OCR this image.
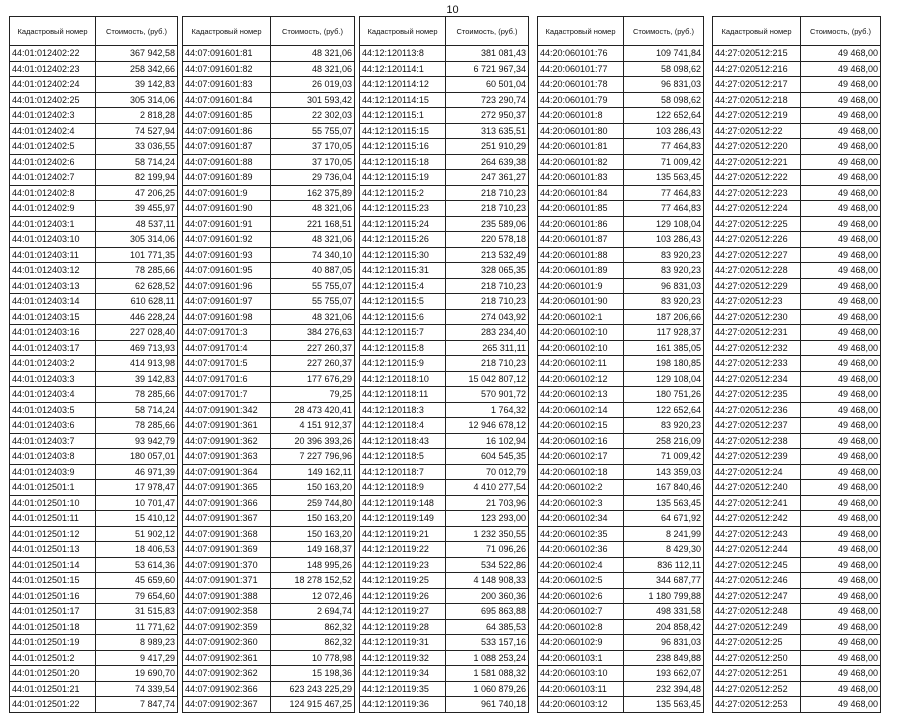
10
Кадастровый номер	Стоимость, (руб.)
44:01:012402:22	367 942,58
44:01:012402:23	258 342,66
44:01:012402:24	39 142,83
44:01:012402:25	305 314,06
44:01:012402:3	2 818,28
44:01:012402:4	74 527,94
44:01:012402:5	33 036,55
44:01:012402:6	58 714,24
44:01:012402:7	82 199,94
44:01:012402:8	47 206,25
44:01:012402:9	39 455,97
44:01:012403:1	48 537,11
44:01:012403:10	305 314,06
44:01:012403:11	101 771,35
44:01:012403:12	78 285,66
44:01:012403:13	62 628,52
44:01:012403:14	610 628,11
44:01:012403:15	446 228,24
44:01:012403:16	227 028,40
44:01:012403:17	469 713,93
44:01:012403:2	414 913,98
44:01:012403:3	39 142,83
44:01:012403:4	78 285,66
44:01:012403:5	58 714,24
44:01:012403:6	78 285,66
44:01:012403:7	93 942,79
44:01:012403:8	180 057,01
44:01:012403:9	46 971,39
44:01:012501:1	17 978,47
44:01:012501:10	10 701,47
44:01:012501:11	15 410,12
44:01:012501:12	51 902,12
44:01:012501:13	18 406,53
44:01:012501:14	53 614,36
44:01:012501:15	45 659,60
44:01:012501:16	79 654,60
44:01:012501:17	31 515,83
44:01:012501:18	11 771,62
44:01:012501:19	8 989,23
44:01:012501:2	9 417,29
44:01:012501:20	19 690,70
44:01:012501:21	74 339,54
44:01:012501:22	7 847,74
Кадастровый номер	Стоимость, (руб.)
44:07:091601:81	48 321,06
44:07:091601:82	48 321,06
44:07:091601:83	26 019,03
44:07:091601:84	301 593,42
44:07:091601:85	22 302,03
44:07:091601:86	55 755,07
44:07:091601:87	37 170,05
44:07:091601:88	37 170,05
44:07:091601:89	29 736,04
44:07:091601:9	162 375,89
44:07:091601:90	48 321,06
44:07:091601:91	221 168,51
44:07:091601:92	48 321,06
44:07:091601:93	74 340,10
44:07:091601:95	40 887,05
44:07:091601:96	55 755,07
44:07:091601:97	55 755,07
44:07:091601:98	48 321,06
44:07:091701:3	384 276,63
44:07:091701:4	227 260,37
44:07:091701:5	227 260,37
44:07:091701:6	177 676,29
44:07:091701:7	79,25
44:07:091901:342	28 473 420,41
44:07:091901:361	4 151 912,37
44:07:091901:362	20 396 393,26
44:07:091901:363	7 227 796,96
44:07:091901:364	149 162,11
44:07:091901:365	150 163,20
44:07:091901:366	259 744,80
44:07:091901:367	150 163,20
44:07:091901:368	150 163,20
44:07:091901:369	149 168,37
44:07:091901:370	148 995,26
44:07:091901:371	18 278 152,52
44:07:091901:388	12 072,46
44:07:091902:358	2 694,74
44:07:091902:359	862,32
44:07:091902:360	862,32
44:07:091902:361	10 778,98
44:07:091902:362	15 198,36
44:07:091902:366	623 243 225,29
44:07:091902:367	124 915 467,25
Кадастровый номер	Стоимость, (руб.)
44:12:120113:8	381 081,43
44:12:120114:1	6 721 967,34
44:12:120114:12	60 501,04
44:12:120114:15	723 290,74
44:12:120115:1	272 950,37
44:12:120115:15	313 635,51
44:12:120115:16	251 910,29
44:12:120115:18	264 639,38
44:12:120115:19	247 361,27
44:12:120115:2	218 710,23
44:12:120115:23	218 710,23
44:12:120115:24	235 589,06
44:12:120115:26	220 578,18
44:12:120115:30	213 532,49
44:12:120115:31	328 065,35
44:12:120115:4	218 710,23
44:12:120115:5	218 710,23
44:12:120115:6	274 043,92
44:12:120115:7	283 234,40
44:12:120115:8	265 311,11
44:12:120115:9	218 710,23
44:12:120118:10	15 042 807,12
44:12:120118:11	570 901,72
44:12:120118:3	1 764,32
44:12:120118:4	12 946 678,12
44:12:120118:43	16 102,94
44:12:120118:5	604 545,35
44:12:120118:7	70 012,79
44:12:120118:9	4 410 277,54
44:12:120119:148	21 703,96
44:12:120119:149	123 293,00
44:12:120119:21	1 232 350,55
44:12:120119:22	71 096,26
44:12:120119:23	534 522,86
44:12:120119:25	4 148 908,33
44:12:120119:26	200 360,36
44:12:120119:27	695 863,88
44:12:120119:28	64 385,53
44:12:120119:31	533 157,16
44:12:120119:32	1 088 253,24
44:12:120119:34	1 581 088,32
44:12:120119:35	1 060 879,26
44:12:120119:36	961 740,18
Кадастровый номер	Стоимость, (руб.)
44:20:060101:76	109 741,84
44:20:060101:77	58 098,62
44:20:060101:78	96 831,03
44:20:060101:79	58 098,62
44:20:060101:8	122 652,64
44:20:060101:80	103 286,43
44:20:060101:81	77 464,83
44:20:060101:82	71 009,42
44:20:060101:83	135 563,45
44:20:060101:84	77 464,83
44:20:060101:85	77 464,83
44:20:060101:86	129 108,04
44:20:060101:87	103 286,43
44:20:060101:88	83 920,23
44:20:060101:89	83 920,23
44:20:060101:9	96 831,03
44:20:060101:90	83 920,23
44:20:060102:1	187 206,66
44:20:060102:10	117 928,37
44:20:060102:10	161 385,05
44:20:060102:11	198 180,85
44:20:060102:12	129 108,04
44:20:060102:13	180 751,26
44:20:060102:14	122 652,64
44:20:060102:15	83 920,23
44:20:060102:16	258 216,09
44:20:060102:17	71 009,42
44:20:060102:18	143 359,03
44:20:060102:2	167 840,46
44:20:060102:3	135 563,45
44:20:060102:34	64 671,92
44:20:060102:35	8 241,99
44:20:060102:36	8 429,30
44:20:060102:4	836 112,11
44:20:060102:5	344 687,77
44:20:060102:6	1 180 799,88
44:20:060102:7	498 331,58
44:20:060102:8	204 858,42
44:20:060102:9	96 831,03
44:20:060103:1	238 849,88
44:20:060103:10	193 662,07
44:20:060103:11	232 394,48
44:20:060103:12	135 563,45
Кадастровый номер	Стоимость, (руб.)
44:27:020512:215	49 468,00
44:27:020512:216	49 468,00
44:27:020512:217	49 468,00
44:27:020512:218	49 468,00
44:27:020512:219	49 468,00
44:27:020512:22	49 468,00
44:27:020512:220	49 468,00
44:27:020512:221	49 468,00
44:27:020512:222	49 468,00
44:27:020512:223	49 468,00
44:27:020512:224	49 468,00
44:27:020512:225	49 468,00
44:27:020512:226	49 468,00
44:27:020512:227	49 468,00
44:27:020512:228	49 468,00
44:27:020512:229	49 468,00
44:27:020512:23	49 468,00
44:27:020512:230	49 468,00
44:27:020512:231	49 468,00
44:27:020512:232	49 468,00
44:27:020512:233	49 468,00
44:27:020512:234	49 468,00
44:27:020512:235	49 468,00
44:27:020512:236	49 468,00
44:27:020512:237	49 468,00
44:27:020512:238	49 468,00
44:27:020512:239	49 468,00
44:27:020512:24	49 468,00
44:27:020512:240	49 468,00
44:27:020512:241	49 468,00
44:27:020512:242	49 468,00
44:27:020512:243	49 468,00
44:27:020512:244	49 468,00
44:27:020512:245	49 468,00
44:27:020512:246	49 468,00
44:27:020512:247	49 468,00
44:27:020512:248	49 468,00
44:27:020512:249	49 468,00
44:27:020512:25	49 468,00
44:27:020512:250	49 468,00
44:27:020512:251	49 468,00
44:27:020512:252	49 468,00
44:27:020512:253	49 468,00
